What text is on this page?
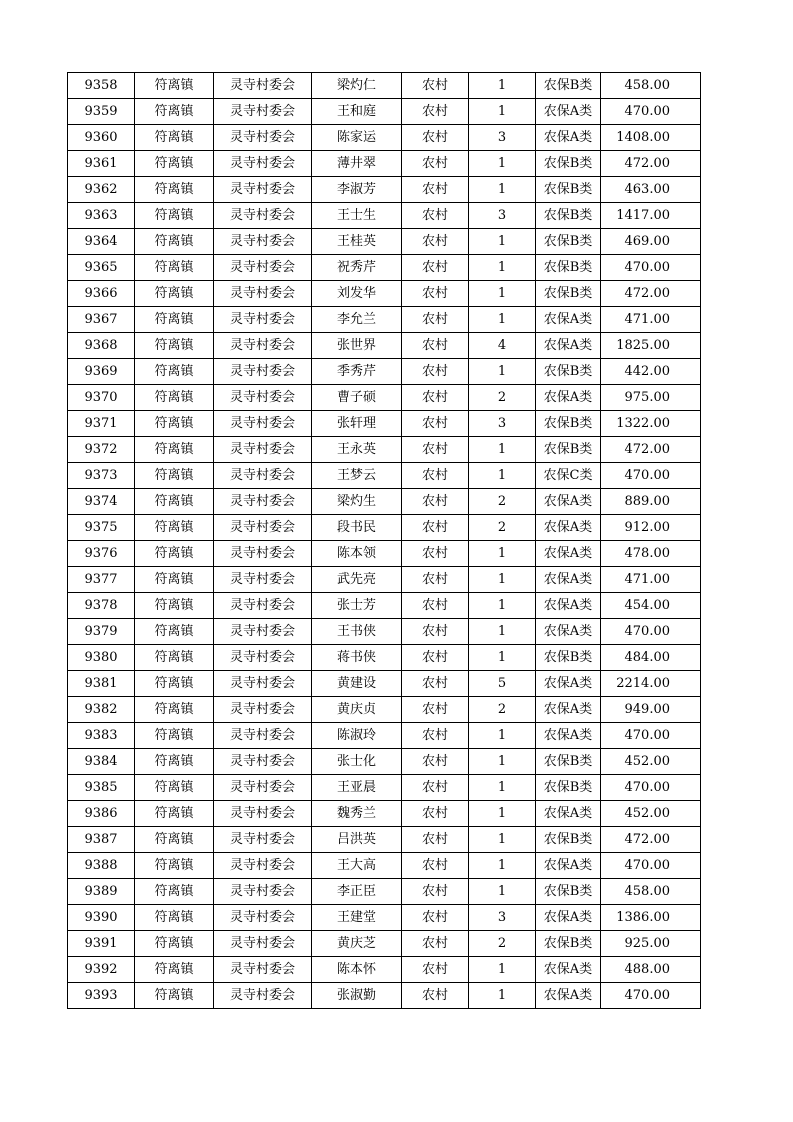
9358	符离镇	灵寺村委会	梁灼仁	农村	1	农保B类	458.00
9359	符离镇	灵寺村委会	王和庭	农村	1	农保A类	470.00
9360	符离镇	灵寺村委会	陈家运	农村	3	农保A类	1408.00
9361	符离镇	灵寺村委会	薄井翠	农村	1	农保B类	472.00
9362	符离镇	灵寺村委会	李淑芳	农村	1	农保B类	463.00
9363	符离镇	灵寺村委会	王士生	农村	3	农保B类	1417.00
9364	符离镇	灵寺村委会	王桂英	农村	1	农保B类	469.00
9365	符离镇	灵寺村委会	祝秀芹	农村	1	农保B类	470.00
9366	符离镇	灵寺村委会	刘发华	农村	1	农保B类	472.00
9367	符离镇	灵寺村委会	李允兰	农村	1	农保A类	471.00
9368	符离镇	灵寺村委会	张世界	农村	4	农保A类	1825.00
9369	符离镇	灵寺村委会	季秀芹	农村	1	农保B类	442.00
9370	符离镇	灵寺村委会	曹子硕	农村	2	农保A类	975.00
9371	符离镇	灵寺村委会	张轩理	农村	3	农保B类	1322.00
9372	符离镇	灵寺村委会	王永英	农村	1	农保B类	472.00
9373	符离镇	灵寺村委会	王梦云	农村	1	农保C类	470.00
9374	符离镇	灵寺村委会	梁灼生	农村	2	农保A类	889.00
9375	符离镇	灵寺村委会	段书民	农村	2	农保A类	912.00
9376	符离镇	灵寺村委会	陈本领	农村	1	农保A类	478.00
9377	符离镇	灵寺村委会	武先亮	农村	1	农保A类	471.00
9378	符离镇	灵寺村委会	张士芳	农村	1	农保A类	454.00
9379	符离镇	灵寺村委会	王书侠	农村	1	农保A类	470.00
9380	符离镇	灵寺村委会	蒋书侠	农村	1	农保B类	484.00
9381	符离镇	灵寺村委会	黄建设	农村	5	农保A类	2214.00
9382	符离镇	灵寺村委会	黄庆贞	农村	2	农保A类	949.00
9383	符离镇	灵寺村委会	陈淑玲	农村	1	农保A类	470.00
9384	符离镇	灵寺村委会	张士化	农村	1	农保B类	452.00
9385	符离镇	灵寺村委会	王亚晨	农村	1	农保B类	470.00
9386	符离镇	灵寺村委会	魏秀兰	农村	1	农保A类	452.00
9387	符离镇	灵寺村委会	吕洪英	农村	1	农保B类	472.00
9388	符离镇	灵寺村委会	王大高	农村	1	农保A类	470.00
9389	符离镇	灵寺村委会	李正臣	农村	1	农保B类	458.00
9390	符离镇	灵寺村委会	王建堂	农村	3	农保A类	1386.00
9391	符离镇	灵寺村委会	黄庆芝	农村	2	农保B类	925.00
9392	符离镇	灵寺村委会	陈本怀	农村	1	农保A类	488.00
9393	符离镇	灵寺村委会	张淑勤	农村	1	农保A类	470.00
